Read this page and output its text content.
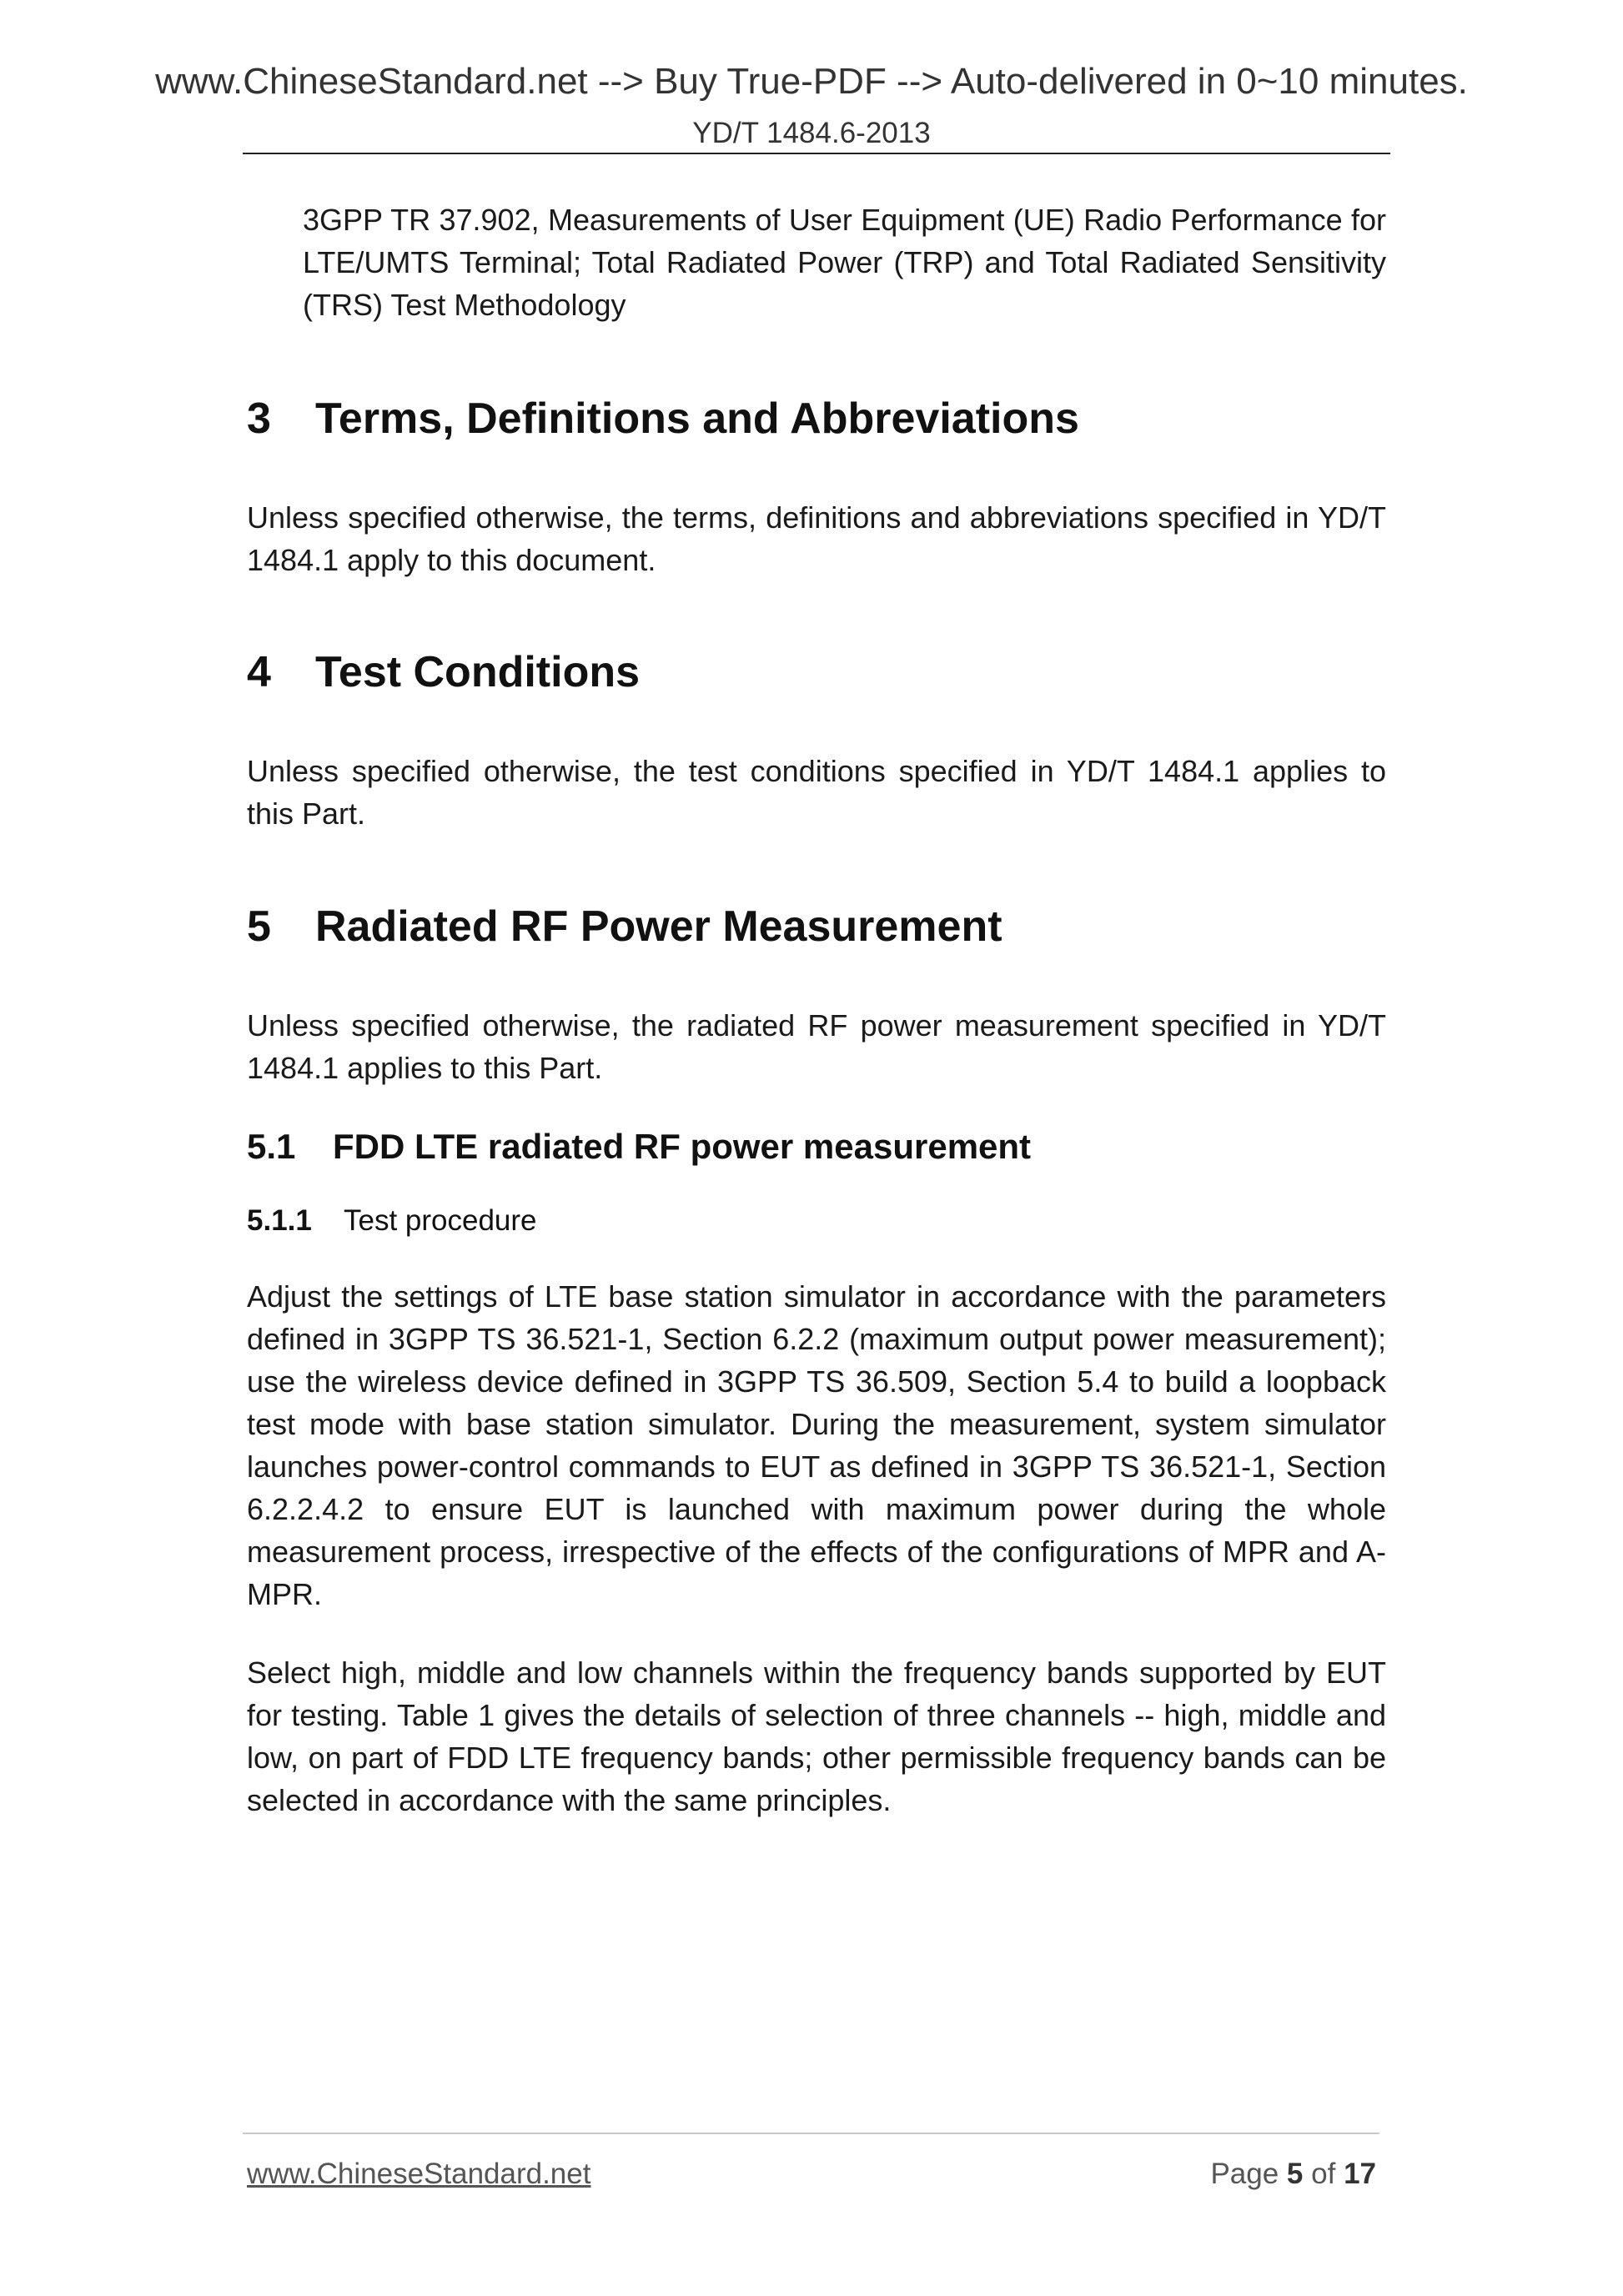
www.ChineseStandard.net --> Buy True-PDF --> Auto-delivered in 0~10 minutes.
YD/T 1484.6-2013
3GPP TR 37.902, Measurements of User Equipment (UE) Radio Performance for LTE/UMTS Terminal; Total Radiated Power (TRP) and Total Radiated Sensitivity (TRS) Test Methodology
3 Terms, Definitions and Abbreviations
Unless specified otherwise, the terms, definitions and abbreviations specified in YD/T 1484.1 apply to this document.
4 Test Conditions
Unless specified otherwise, the test conditions specified in YD/T 1484.1 applies to this Part.
5 Radiated RF Power Measurement
Unless specified otherwise, the radiated RF power measurement specified in YD/T 1484.1 applies to this Part.
5.1 FDD LTE radiated RF power measurement
5.1.1 Test procedure
Adjust the settings of LTE base station simulator in accordance with the parameters defined in 3GPP TS 36.521-1, Section 6.2.2 (maximum output power measurement); use the wireless device defined in 3GPP TS 36.509, Section 5.4 to build a loopback test mode with base station simulator. During the measurement, system simulator launches power-control commands to EUT as defined in 3GPP TS 36.521-1, Section 6.2.2.4.2 to ensure EUT is launched with maximum power during the whole measurement process, irrespective of the effects of the configurations of MPR and A-MPR.
Select high, middle and low channels within the frequency bands supported by EUT for testing. Table 1 gives the details of selection of three channels -- high, middle and low, on part of FDD LTE frequency bands; other permissible frequency bands can be selected in accordance with the same principles.
www.ChineseStandard.net	Page 5 of 17
